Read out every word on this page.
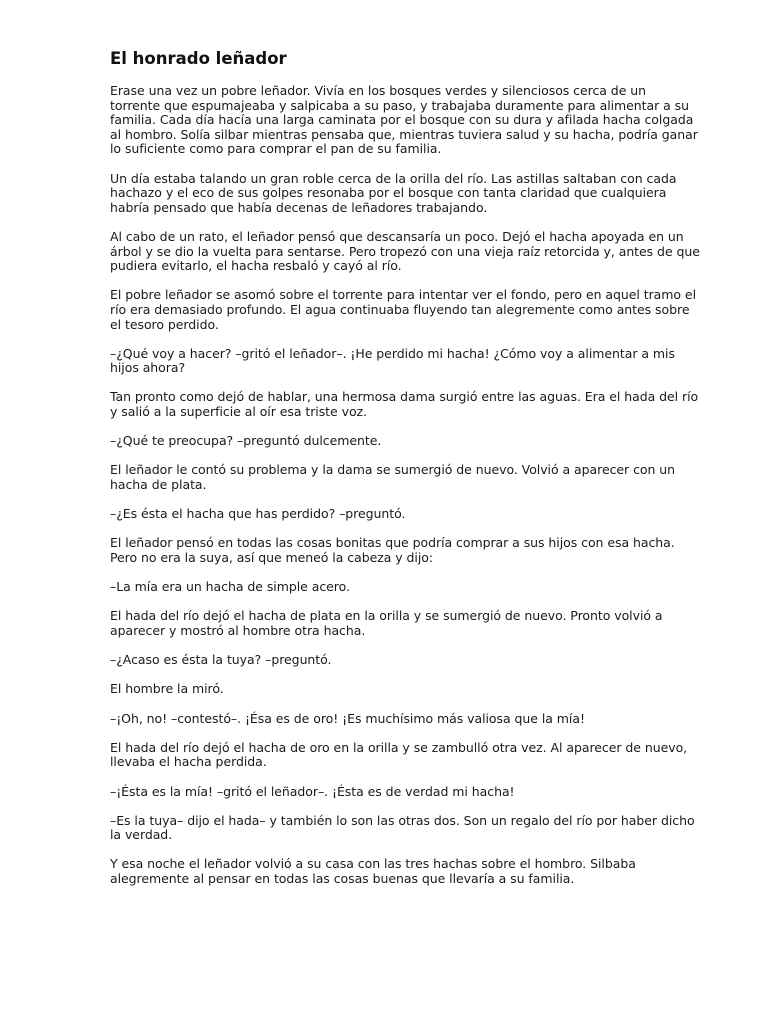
El honrado leñador

Erase una vez un pobre leñador. Vivía en los bosques verdes y silenciosos cerca de un torrente que espumajeaba y salpicaba a su paso, y trabajaba duramente para alimentar a su familia. Cada día hacía una larga caminata por el bosque con su dura y afilada hacha colgada al hombro. Solía silbar mientras pensaba que, mientras tuviera salud y su hacha, podría ganar lo suficiente como para comprar el pan de su familia.

Un día estaba talando un gran roble cerca de la orilla del río. Las astillas saltaban con cada hachazo y el eco de sus golpes resonaba por el bosque con tanta claridad que cualquiera habría pensado que había decenas de leñadores trabajando.

Al cabo de un rato, el leñador pensó que descansaría un poco. Dejó el hacha apoyada en un árbol y se dio la vuelta para sentarse. Pero tropezó con una vieja raíz retorcida y, antes de que pudiera evitarlo, el hacha resbaló y cayó al río.

El pobre leñador se asomó sobre el torrente para intentar ver el fondo, pero en aquel tramo el río era demasiado profundo. El agua continuaba fluyendo tan alegremente como antes sobre el tesoro perdido.

–¿Qué voy a hacer? –gritó el leñador–. ¡He perdido mi hacha! ¿Cómo voy a alimentar a mis hijos ahora?

Tan pronto como dejó de hablar, una hermosa dama surgió entre las aguas. Era el hada del río y salió a la superficie al oír esa triste voz.

–¿Qué te preocupa? –preguntó dulcemente.

El leñador le contó su problema y la dama se sumergió de nuevo. Volvió a aparecer con un hacha de plata.

–¿Es ésta el hacha que has perdido? –preguntó.

El leñador pensó en todas las cosas bonitas que podría comprar a sus hijos con esa hacha. Pero no era la suya, así que meneó la cabeza y dijo:

–La mía era un hacha de simple acero.

El hada del río dejó el hacha de plata en la orilla y se sumergió de nuevo. Pronto volvió a aparecer y mostró al hombre otra hacha.

–¿Acaso es ésta la tuya? –preguntó.

El hombre la miró.

–¡Oh, no! –contestó–. ¡Ésa es de oro! ¡Es muchísimo más valiosa que la mía!

El hada del río dejó el hacha de oro en la orilla y se zambulló otra vez. Al aparecer de nuevo, llevaba el hacha perdida.

–¡Ésta es la mía! –gritó el leñador–. ¡Ésta es de verdad mi hacha!

–Es la tuya– dijo el hada– y también lo son las otras dos. Son un regalo del río por haber dicho la verdad.

Y esa noche el leñador volvió a su casa con las tres hachas sobre el hombro. Silbaba alegremente al pensar en todas las cosas buenas que llevaría a su familia.
